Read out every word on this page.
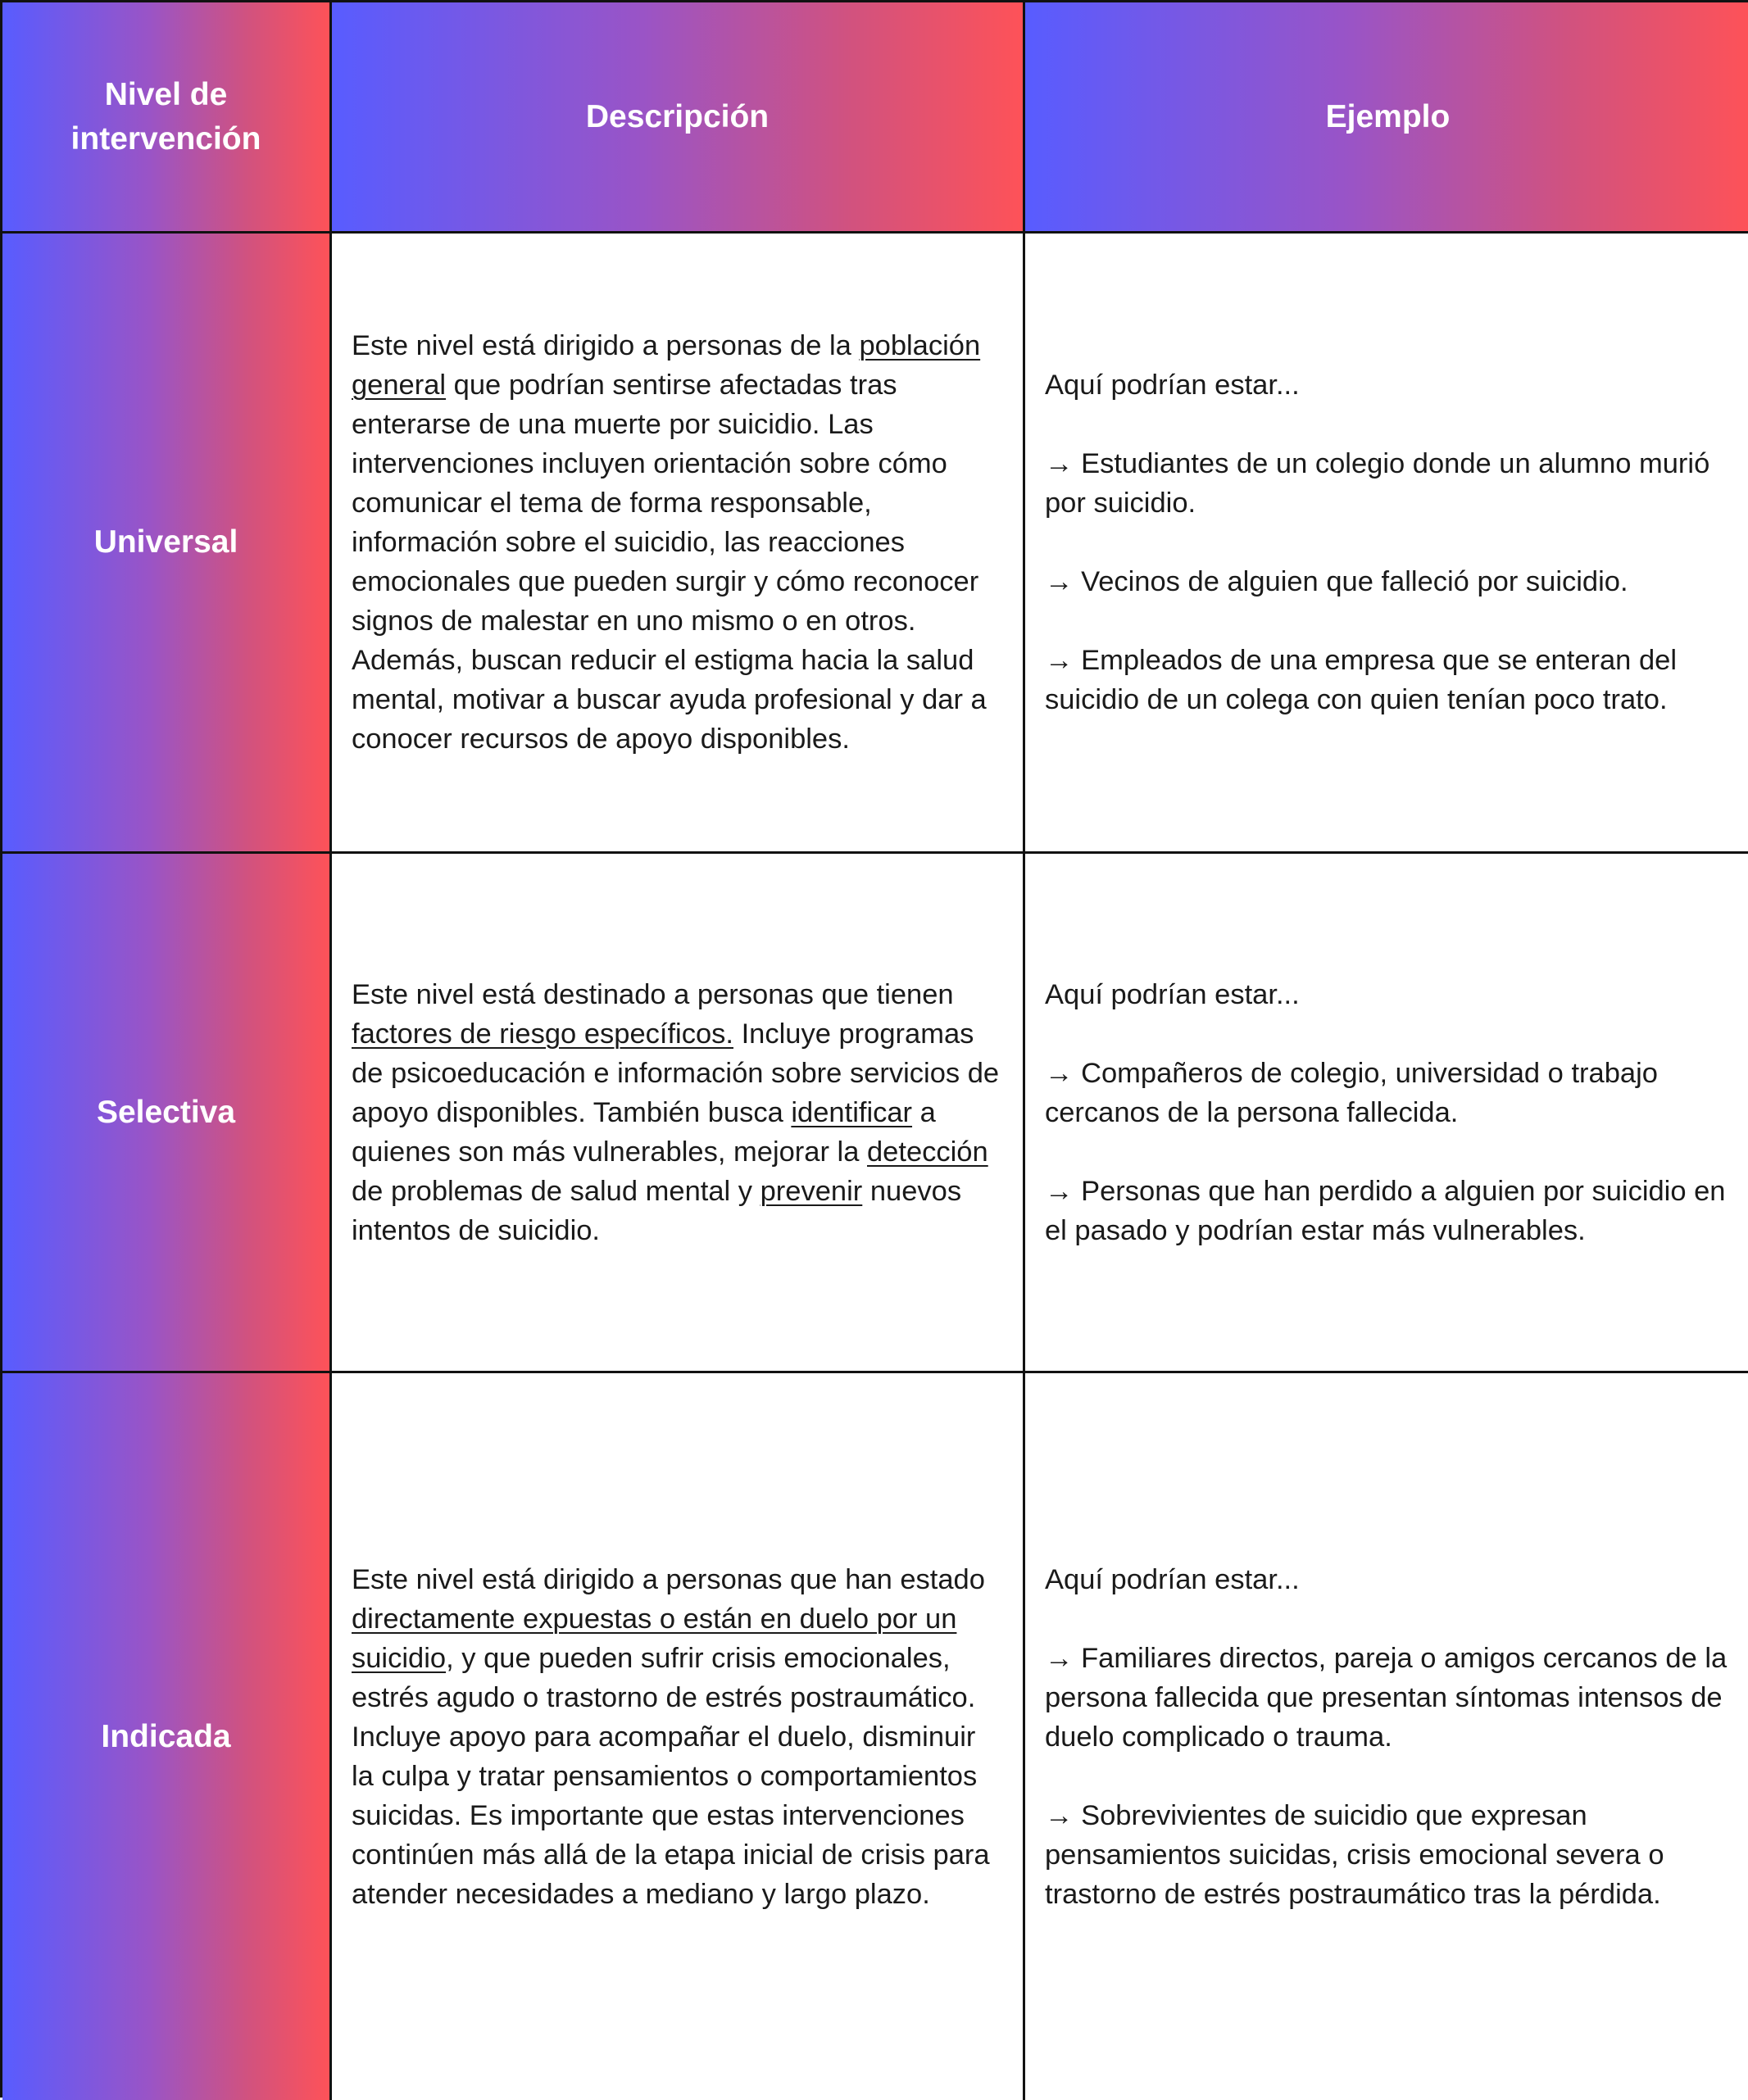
Nivel de
intervención
Descripción	Ejemplo
Universal

Este nivel está dirigido a personas de la población general que podrían sentirse afectadas tras enterarse de una muerte por suicidio. Las intervenciones incluyen orientación sobre cómo comunicar el tema de forma responsable, información sobre el suicidio, las reacciones emocionales que pueden surgir y cómo reconocer signos de malestar en uno mismo o en otros. Además, buscan reducir el estigma hacia la salud mental, motivar a buscar ayuda profesional y dar a conocer recursos de apoyo disponibles.

Aquí podrían estar...

→ Estudiantes de un colegio donde un alumno murió por suicidio.

→ Vecinos de alguien que falleció por suicidio.

→ Empleados de una empresa que se enteran del suicidio de un colega con quien tenían poco trato.

Selectiva

Este nivel está destinado a personas que tienen factores de riesgo específicos. Incluye programas de psicoeducación e información sobre servicios de apoyo disponibles. También busca identificar a quienes son más vulnerables, mejorar la detección de problemas de salud mental y prevenir nuevos intentos de suicidio.

Aquí podrían estar...

→ Compañeros de colegio, universidad o trabajo cercanos de la persona fallecida.

→ Personas que han perdido a alguien por suicidio en el pasado y podrían estar más vulnerables.

Indicada

Este nivel está dirigido a personas que han estado directamente expuestas o están en duelo por un suicidio, y que pueden sufrir crisis emocionales, estrés agudo o trastorno de estrés postraumático. Incluye apoyo para acompañar el duelo, disminuir la culpa y tratar pensamientos o comportamientos suicidas. Es importante que estas intervenciones continúen más allá de la etapa inicial de crisis para atender necesidades a mediano y largo plazo.

Aquí podrían estar...

→ Familiares directos, pareja o amigos cercanos de la persona fallecida que presentan síntomas intensos de duelo complicado o trauma.

→ Sobrevivientes de suicidio que expresan pensamientos suicidas, crisis emocional severa o trastorno de estrés postraumático tras la pérdida.
